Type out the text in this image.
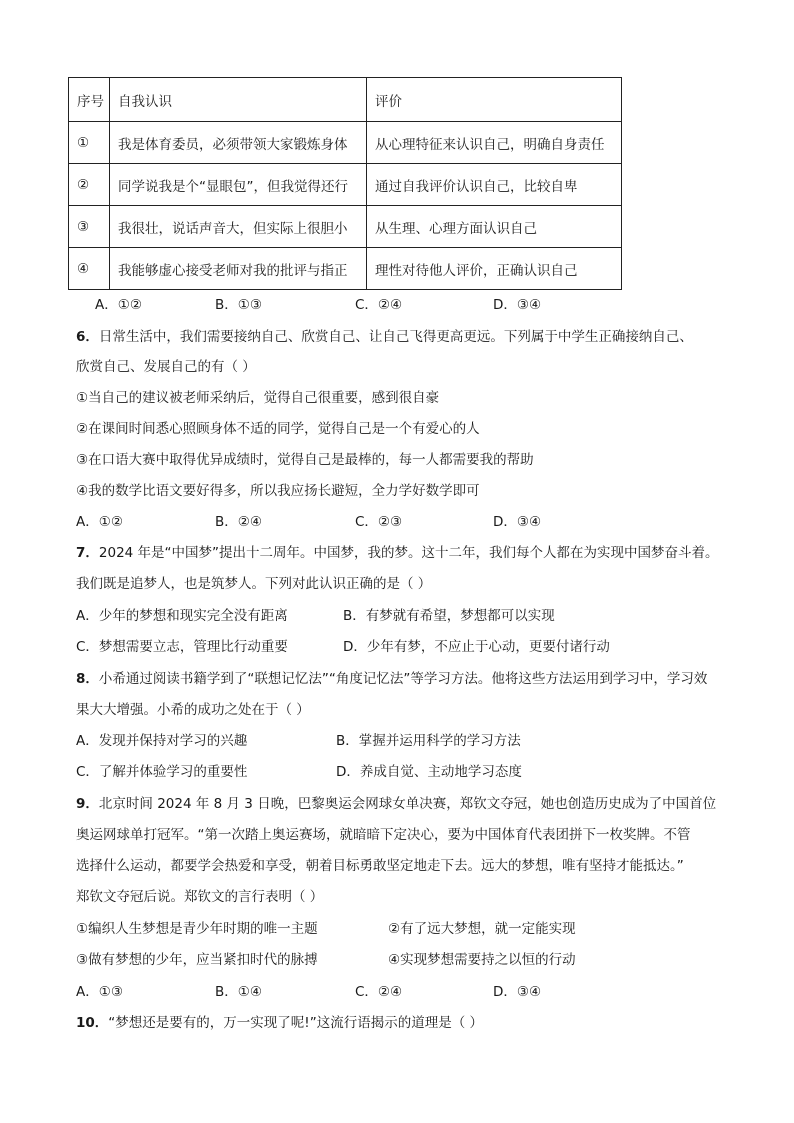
序号	自我认识	评价
①	我是体育委员，必须带领大家锻炼身体	从心理特征来认识自己，明确自身责任
②	同学说我是个“显眼包”，但我觉得还行	通过自我评价认识自己，比较自卑
③	我很壮，说话声音大，但实际上很胆小	从生理、心理方面认识自己
④	我能够虚心接受老师对我的批评与指正	理性对待他人评价，正确认识自己
A．①②	B．①③	C．②④	D．③④
6．日常生活中，我们需要接纳自己、欣赏自己、让自己飞得更高更远。下列属于中学生正确接纳自己、
欣赏自己、发展自己的有（ ）
①当自己的建议被老师采纳后，觉得自己很重要，感到很自豪
②在课间时间悉心照顾身体不适的同学，觉得自己是一个有爱心的人
③在口语大赛中取得优异成绩时，觉得自己是最棒的，每一人都需要我的帮助
④我的数学比语文要好得多，所以我应扬长避短，全力学好数学即可
A．①②	B．②④	C．②③	D．③④
7．2024 年是“中国梦”提出十二周年。中国梦，我的梦。这十二年，我们每个人都在为实现中国梦奋斗着。
我们既是追梦人，也是筑梦人。下列对此认识正确的是（ ）
A．少年的梦想和现实完全没有距离	B．有梦就有希望，梦想都可以实现
C．梦想需要立志，管理比行动重要	D．少年有梦，不应止于心动，更要付诸行动
8．小希通过阅读书籍学到了“联想记忆法”“角度记忆法”等学习方法。他将这些方法运用到学习中，学习效
果大大增强。小希的成功之处在于（ ）
A．发现并保持对学习的兴趣	B．掌握并运用科学的学习方法
C．了解并体验学习的重要性	D．养成自觉、主动地学习态度
9．北京时间 2024 年 8 月 3 日晚，巴黎奥运会网球女单决赛，郑钦文夺冠，她也创造历史成为了中国首位
奥运网球单打冠军。“第一次踏上奥运赛场，就暗暗下定决心，要为中国体育代表团拼下一枚奖牌。不管
选择什么运动，都要学会热爱和享受，朝着目标勇敢坚定地走下去。远大的梦想，唯有坚持才能抵达。”
郑钦文夺冠后说。郑钦文的言行表明（ ）
①编织人生梦想是青少年时期的唯一主题	②有了远大梦想，就一定能实现
③做有梦想的少年，应当紧扣时代的脉搏	④实现梦想需要持之以恒的行动
A．①③	B．①④	C．②④	D．③④
10．“梦想还是要有的，万一实现了呢!”这流行语揭示的道理是（ ）
